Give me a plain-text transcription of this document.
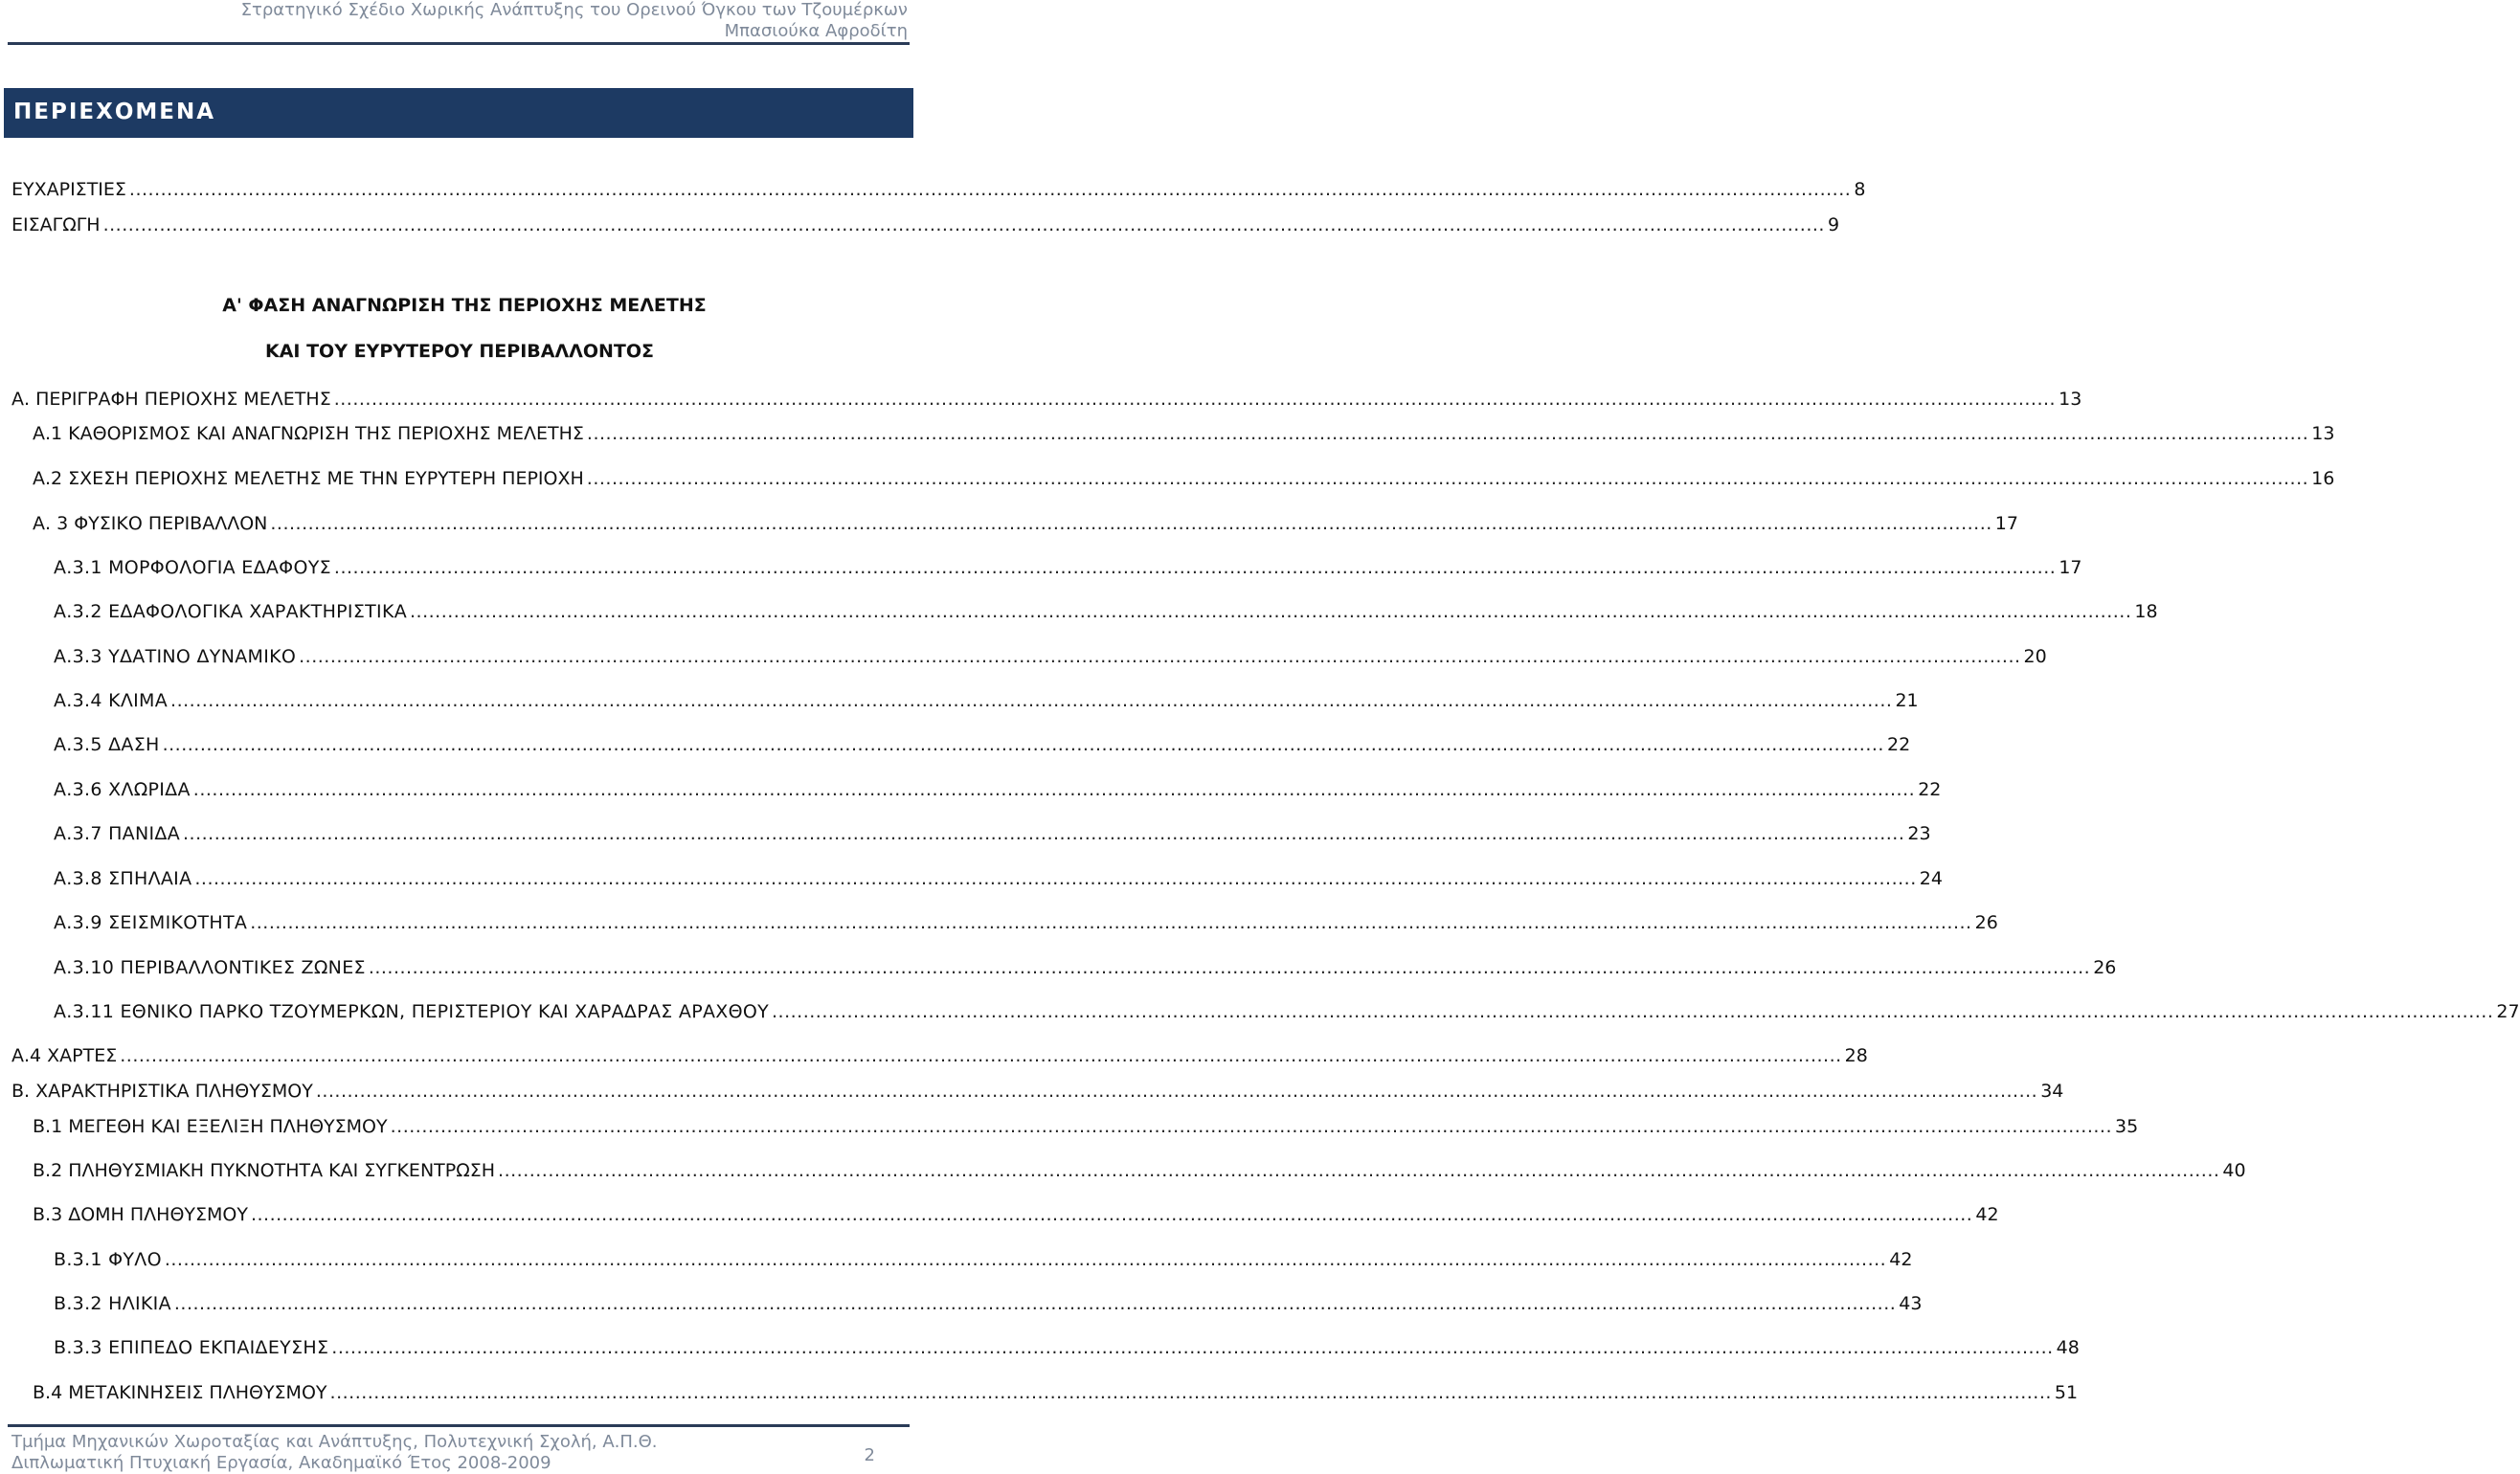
Στρατηγικό Σχέδιο Χωρικής Ανάπτυξης του Ορεινού Όγκου των Τζουμέρκων
Μπασιούκα Αφροδίτη
ΠΕΡΙΕΧΟΜΕΝΑ
Α' ΦΑΣΗ ΑΝΑΓΝΩΡΙΣΗ ΤΗΣ ΠΕΡΙΟΧΗΣ ΜΕΛΕΤΗΣ
ΚΑΙ ΤΟΥ ΕΥΡΥΤΕΡΟΥ ΠΕΡΙΒΑΛΛΟΝΤΟΣ
ΕΥΧΑΡΙΣΤΙΕΣ .....	8
ΕΙΣΑΓΩΓΗ .....	9
Α. ΠΕΡΙΓΡΑΦΗ ΠΕΡΙΟΧΗΣ ΜΕΛΕΤΗΣ .....	13
Α.1 ΚΑΘΟΡΙΣΜΟΣ ΚΑΙ ΑΝΑΓΝΩΡΙΣΗ ΤΗΣ ΠΕΡΙΟΧΗΣ ΜΕΛΕΤΗΣ .....	13
Α.2 ΣΧΕΣΗ ΠΕΡΙΟΧΗΣ ΜΕΛΕΤΗΣ ΜΕ ΤΗΝ ΕΥΡΥΤΕΡΗ ΠΕΡΙΟΧΗ .....	16
Α. 3 ΦΥΣΙΚΟ ΠΕΡΙΒΑΛΛΟΝ .....	17
Α.3.1 ΜΟΡΦΟΛΟΓΙΑ ΕΔΑΦΟΥΣ .....	17
Α.3.2 ΕΔΑΦΟΛΟΓΙΚΑ ΧΑΡΑΚΤΗΡΙΣΤΙΚΑ .....	18
Α.3.3 ΥΔΑΤΙΝΟ ΔΥΝΑΜΙΚΟ .....	20
Α.3.4 ΚΛΙΜΑ .....	21
Α.3.5 ΔΑΣΗ .....	22
Α.3.6 ΧΛΩΡΙΔΑ .....	22
Α.3.7 ΠΑΝΙΔΑ .....	23
Α.3.8 ΣΠΗΛΑΙΑ .....	24
Α.3.9 ΣΕΙΣΜΙΚΟΤΗΤΑ .....	26
Α.3.10 ΠΕΡΙΒΑΛΛΟΝΤΙΚΕΣ ΖΩΝΕΣ .....	26
Α.3.11 ΕΘΝΙΚΟ ΠΑΡΚΟ ΤΖΟΥΜΕΡΚΩΝ, ΠΕΡΙΣΤΕΡΙΟΥ ΚΑΙ ΧΑΡΑΔΡΑΣ ΑΡΑΧΘΟΥ .....	27
Α.4 ΧΑΡΤΕΣ .....	28
Β. ΧΑΡΑΚΤΗΡΙΣΤΙΚΑ ΠΛΗΘΥΣΜΟΥ .....	34
Β.1 ΜΕΓΕΘΗ ΚΑΙ ΕΞΕΛΙΞΗ ΠΛΗΘΥΣΜΟΥ .....	35
Β.2 ΠΛΗΘΥΣΜΙΑΚΗ ΠΥΚΝΟΤΗΤΑ ΚΑΙ ΣΥΓΚΕΝΤΡΩΣΗ .....	40
Β.3 ΔΟΜΗ ΠΛΗΘΥΣΜΟΥ .....	42
Β.3.1 ΦΥΛΟ .....	42
Β.3.2 ΗΛΙΚΙΑ .....	43
Β.3.3 ΕΠΙΠΕΔΟ ΕΚΠΑΙΔΕΥΣΗΣ .....	48
Β.4 ΜΕΤΑΚΙΝΗΣΕΙΣ ΠΛΗΘΥΣΜΟΥ .....	51
Τμήμα Μηχανικών Χωροταξίας και Ανάπτυξης, Πολυτεχνική Σχολή, Α.Π.Θ.
Διπλωματική Πτυχιακή Εργασία, Ακαδημαϊκό Έτος 2008-2009	2
